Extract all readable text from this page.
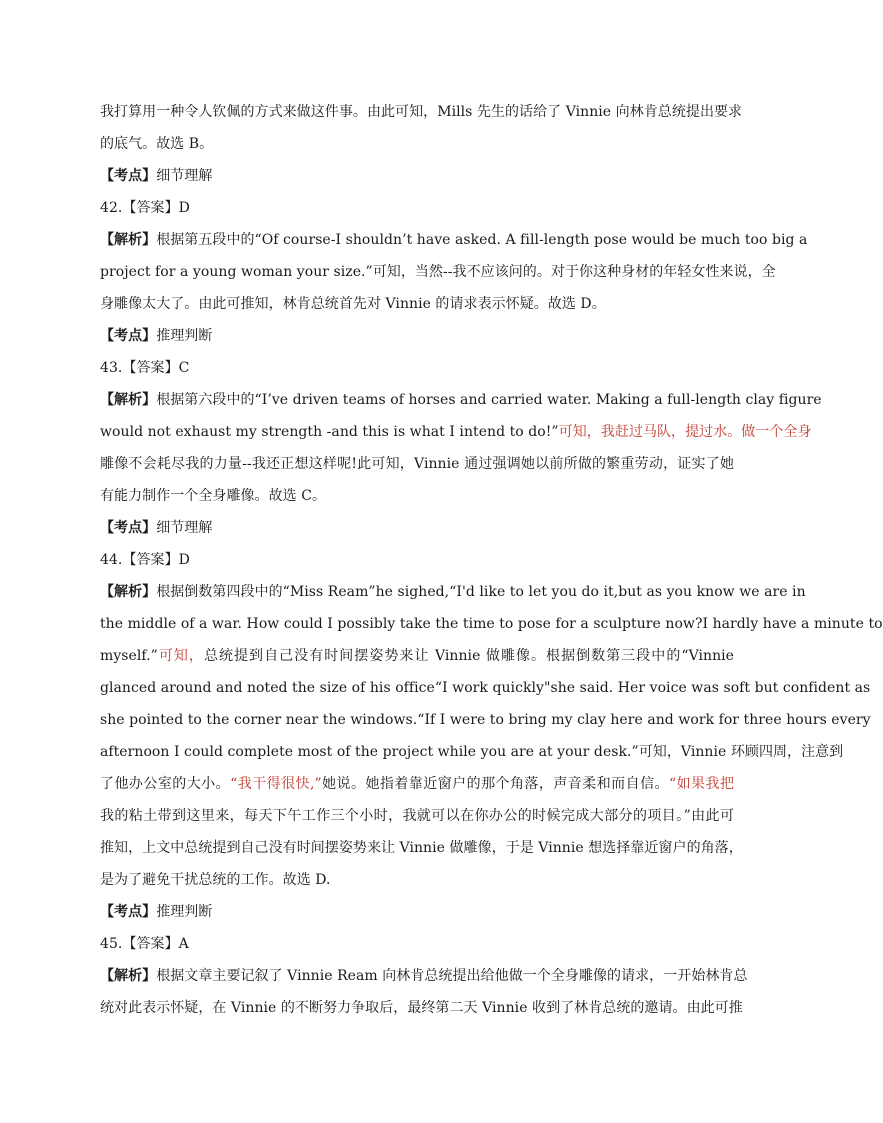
我打算用一种令人钦佩的方式来做这件事。由此可知，Mills 先生的话给了 Vinnie 向林肯总统提出要求
的底气。故选 B。
【考点】细节理解
42.【答案】D
【解析】根据第五段中的“Of course-I shouldn’t have asked. A fill-length pose would be much too big a
project for a young woman your size.”可知，当然--我不应该问的。对于你这种身材的年轻女性来说，全
身雕像太大了。由此可推知，林肯总统首先对 Vinnie 的请求表示怀疑。故选 D。
【考点】推理判断
43.【答案】C
【解析】根据第六段中的“I’ve driven teams of horses and carried water. Making a full-length clay figure
would not exhaust my strength -and this is what I intend to do!”可知，我赶过马队，提过水。做一个全身
雕像不会耗尽我的力量--我还正想这样呢!此可知，Vinnie 通过强调她以前所做的繁重劳动，证实了她
有能力制作一个全身雕像。故选 C。
【考点】细节理解
44.【答案】D
【解析】根据倒数第四段中的“Miss Ream”he sighed,“I'd like to let you do it,but as you know we are in
the middle of a war. How could I possibly take the time to pose for a sculpture now?I hardly have a minute to
myself.”可知，总统提到自己没有时间摆姿势来让 Vinnie 做雕像。根据倒数第三段中的“Vinnie
glanced around and noted the size of his office“I work quickly"she said. Her voice was soft but confident as
she pointed to the corner near the windows.“If I were to bring my clay here and work for three hours every
afternoon I could complete most of the project while you are at your desk.”可知，Vinnie 环顾四周，注意到
了他办公室的大小。“我干得很快,”她说。她指着靠近窗户的那个角落，声音柔和而自信。“如果我把
我的粘土带到这里来，每天下午工作三个小时，我就可以在你办公的时候完成大部分的项目。”由此可
推知，上文中总统提到自己没有时间摆姿势来让 Vinnie 做雕像，于是 Vinnie 想选择靠近窗户的角落，
是为了避免干扰总统的工作。故选 D.
【考点】推理判断
45.【答案】A
【解析】根据文章主要记叙了 Vinnie Ream 向林肯总统提出给他做一个全身雕像的请求，一开始林肯总
统对此表示怀疑，在 Vinnie 的不断努力争取后，最终第二天 Vinnie 收到了林肯总统的邀请。由此可推
